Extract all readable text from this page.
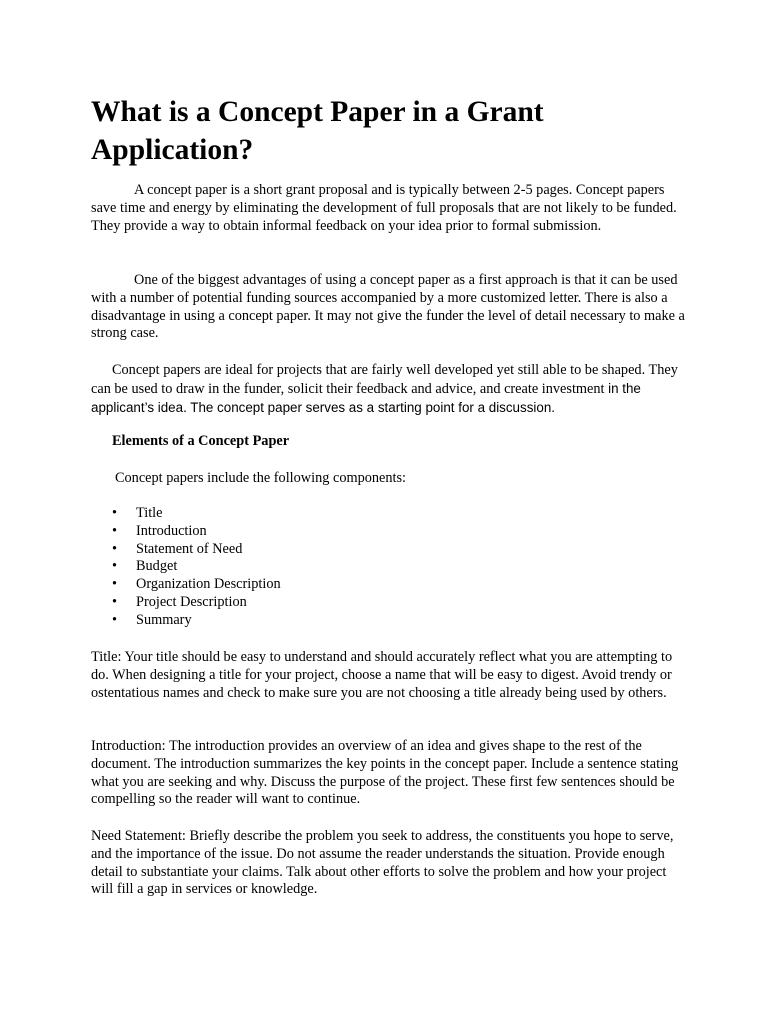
What is a Concept Paper in a Grant Application?

A concept paper is a short grant proposal and is typically between 2-5 pages. Concept papers save time and energy by eliminating the development of full proposals that are not likely to be funded. They provide a way to obtain informal feedback on your idea prior to formal submission.

One of the biggest advantages of using a concept paper as a first approach is that it can be used with a number of potential funding sources accompanied by a more customized letter. There is also a disadvantage in using a concept paper. It may not give the funder the level of detail necessary to make a strong case.

Concept papers are ideal for projects that are fairly well developed yet still able to be shaped. They can be used to draw in the funder, solicit their feedback and advice, and create investment in the applicant’s idea. The concept paper serves as a starting point for a discussion.

Elements of a Concept Paper

Concept papers include the following components:

• Title
• Introduction
• Statement of Need
• Budget
• Organization Description
• Project Description
• Summary

Title: Your title should be easy to understand and should accurately reflect what you are attempting to do. When designing a title for your project, choose a name that will be easy to digest. Avoid trendy or ostentatious names and check to make sure you are not choosing a title already being used by others.

Introduction: The introduction provides an overview of an idea and gives shape to the rest of the document. The introduction summarizes the key points in the concept paper. Include a sentence stating what you are seeking and why. Discuss the purpose of the project. These first few sentences should be compelling so the reader will want to continue.

Need Statement: Briefly describe the problem you seek to address, the constituents you hope to serve, and the importance of the issue. Do not assume the reader understands the situation. Provide enough detail to substantiate your claims. Talk about other efforts to solve the problem and how your project will fill a gap in services or knowledge.
